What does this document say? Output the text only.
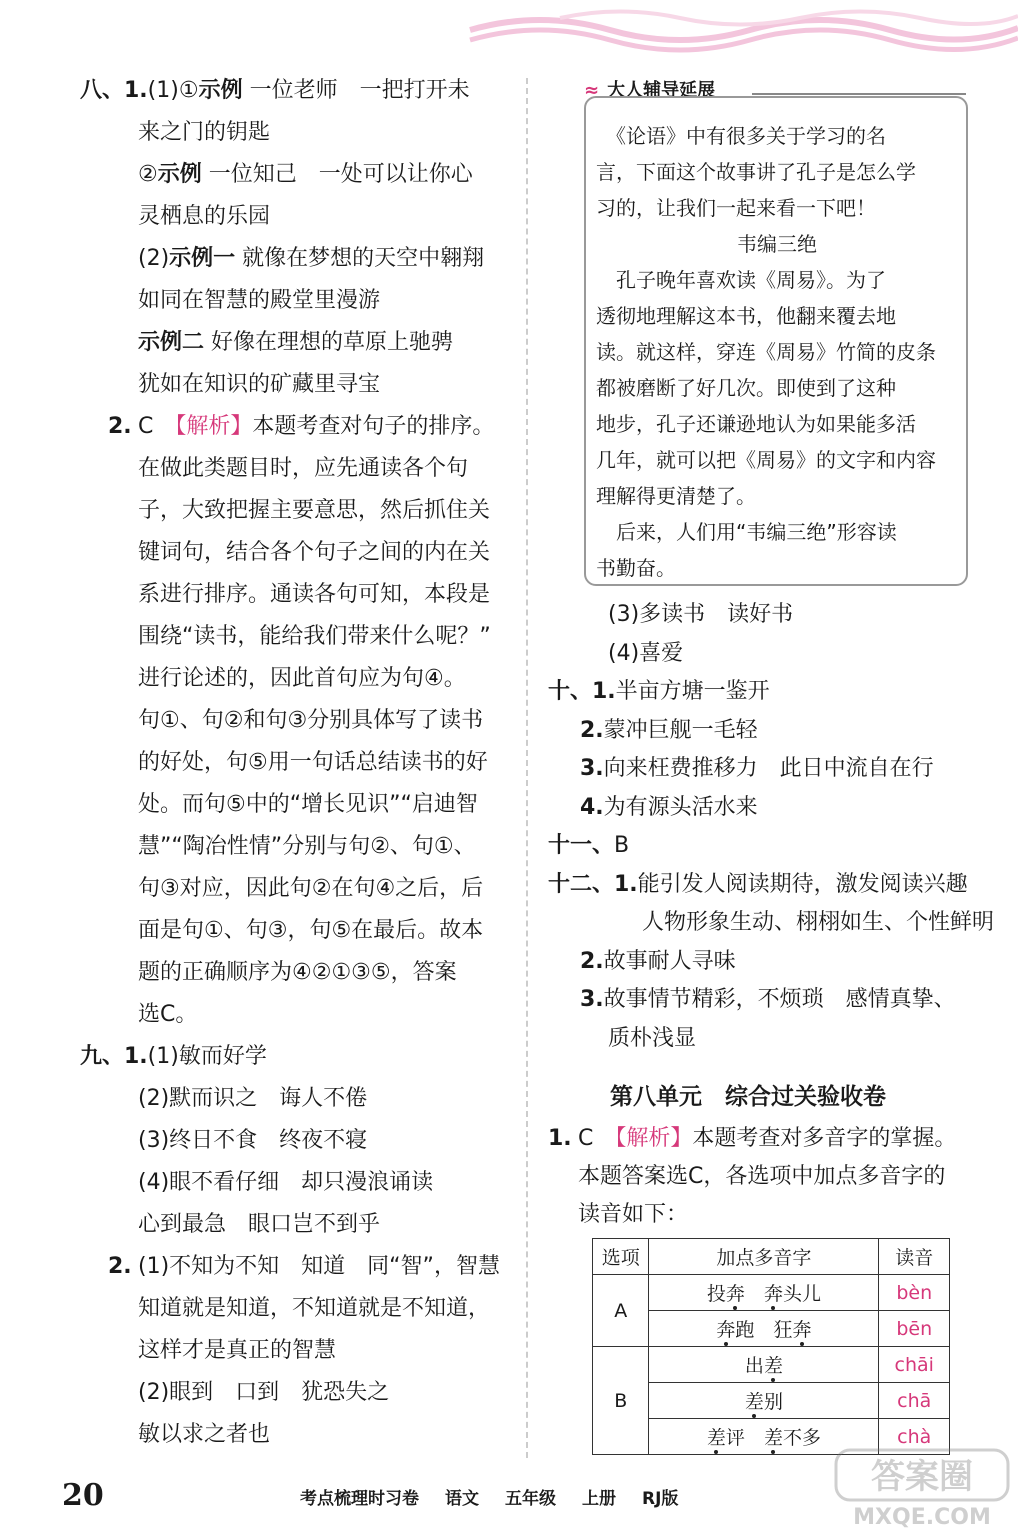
八、1.(1)①示例 一位老师　一把打开未
来之门的钥匙
②示例 一位知己　一处可以让你心
灵栖息的乐园
(2)示例一 就像在梦想的天空中翱翔
如同在智慧的殿堂里漫游
示例二 好像在理想的草原上驰骋
犹如在知识的矿藏里寻宝
2. C　【解析】本题考查对句子的排序。
在做此类题目时，应先通读各个句
子，大致把握主要意思，然后抓住关
键词句，结合各个句子之间的内在关
系进行排序。通读各句可知，本段是
围绕“读书，能给我们带来什么呢？”
进行论述的，因此首句应为句④。
句①、句②和句③分别具体写了读书
的好处，句⑤用一句话总结读书的好
处。而句⑤中的“增长见识”“启迪智
慧”“陶冶性情”分别与句②、句①、
句③对应，因此句②在句④之后，后
面是句①、句③，句⑤在最后。故本
题的正确顺序为④②①③⑤，答案
选C。
九、1.(1)敏而好学
(2)默而识之　诲人不倦
(3)终日不食　终夜不寝
(4)眼不看仔细　却只漫浪诵读
心到最急　眼口岂不到乎
2. (1)不知为不知　知道　同“智”，智慧
知道就是知道，不知道就是不知道，
这样才是真正的智慧
(2)眼到　口到　犹恐失之
敏以求之者也
≈ 大人辅导延展
　《论语》中有很多关于学习的名
言，下面这个故事讲了孔子是怎么学
习的，让我们一起来看一下吧！
韦编三绝
　孔子晚年喜欢读《周易》。为了
透彻地理解这本书，他翻来覆去地
读。就这样，穿连《周易》竹简的皮条
都被磨断了好几次。即使到了这种
地步，孔子还谦逊地认为如果能多活
几年，就可以把《周易》的文字和内容
理解得更清楚了。
　后来，人们用“韦编三绝”形容读
书勤奋。
(3)多读书　读好书
(4)喜爱
十、1.半亩方塘一鉴开
2.蒙冲巨舰一毛轻
3.向来枉费推移力　此日中流自在行
4.为有源头活水来
十一、B
十二、1.能引发人阅读期待，激发阅读兴趣
人物形象生动、栩栩如生、个性鲜明
2.故事耐人寻味
3.故事情节精彩，不烦琐　感情真挚、
质朴浅显
第八单元　综合过关验收卷
1. C　【解析】本题考查对多音字的掌握。
本题答案选C，各选项中加点多音字的
读音如下：
选项	加点多音字	读音
A	投奔　 奔头儿	bèn
	奔跑　 狂奔	bēn
B	出差	chāi
	差别	chā
	差评　 差不多	chà
20	考点梳理时习卷 语文 五年级 上册 RJ版
答案圈
MXQE.COM
